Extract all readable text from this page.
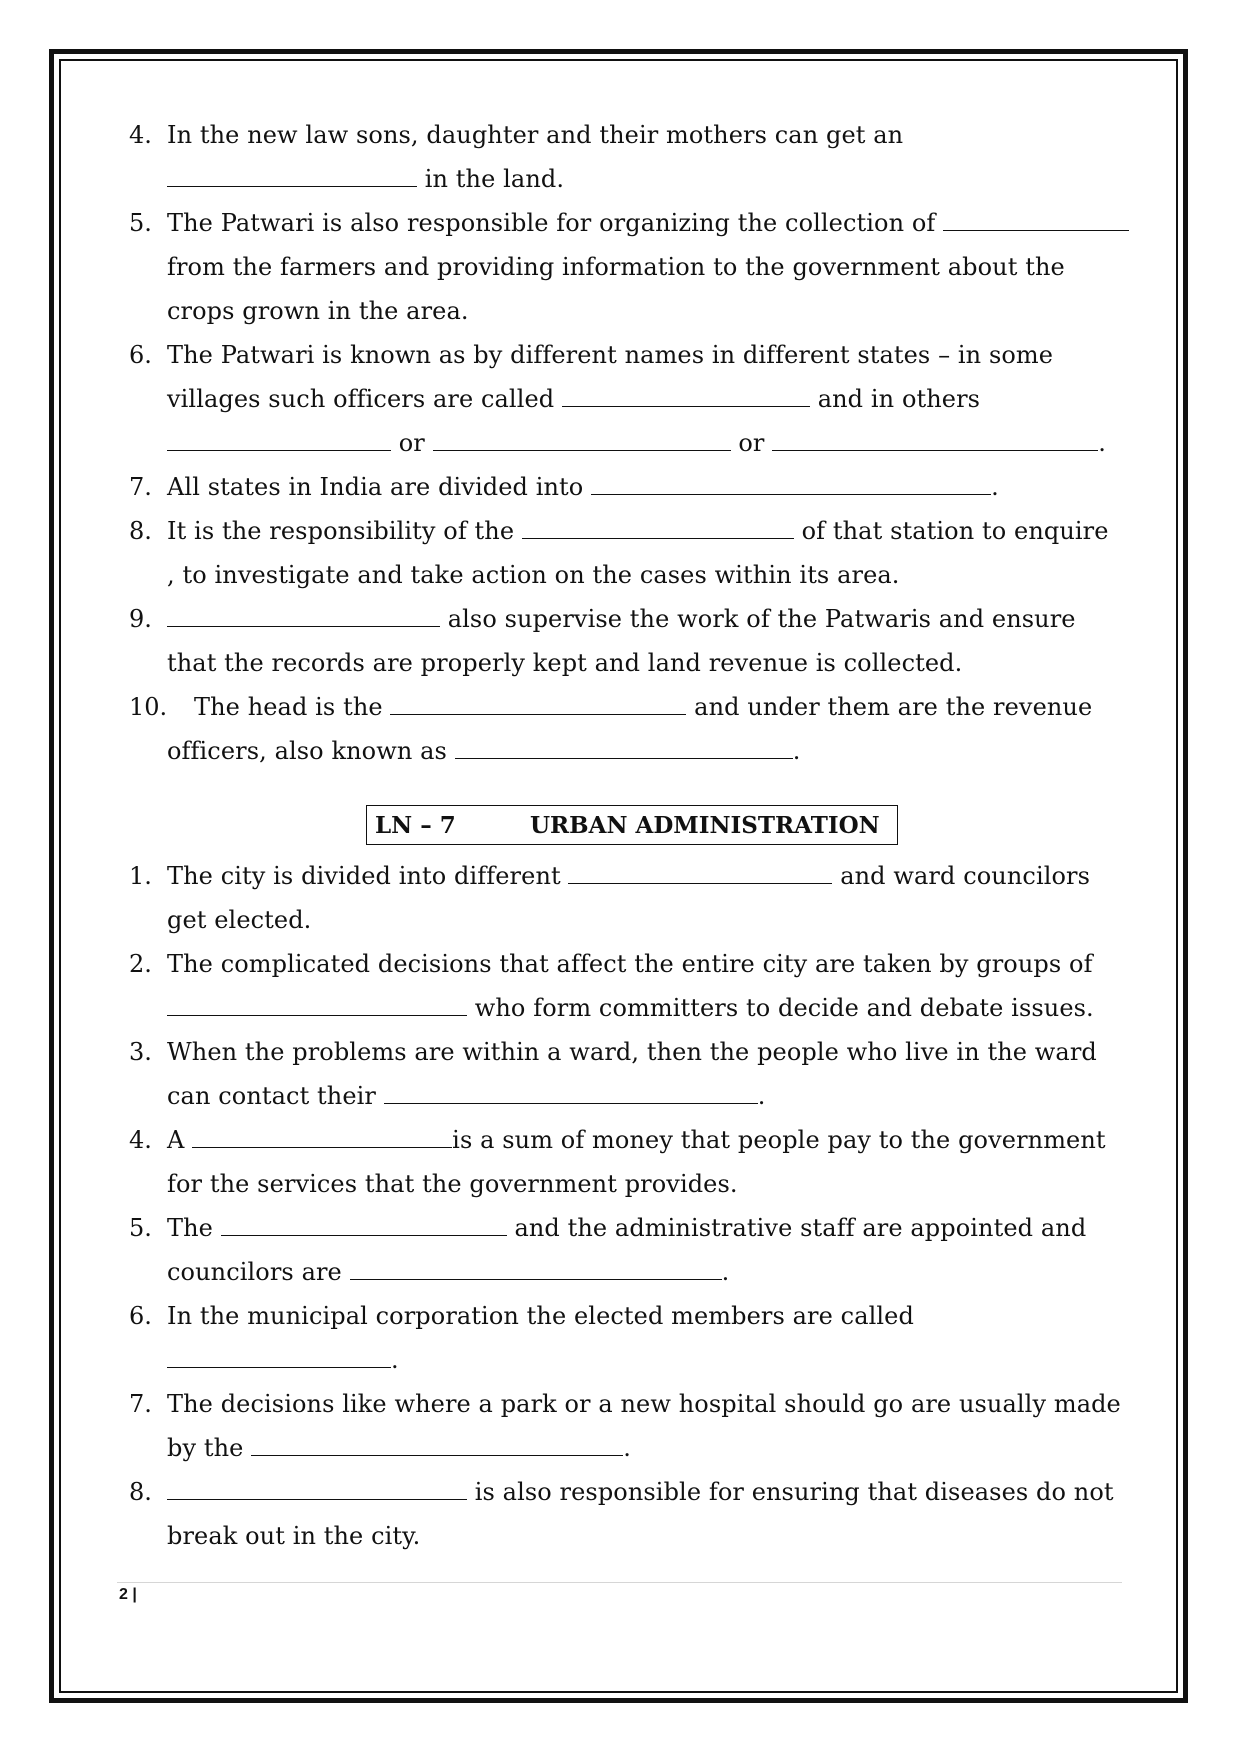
4. In the new law sons, daughter and their mothers can get an
in the land.
5. The Patwari is also responsible for organizing the collection of
from the farmers and providing information to the government about the
crops grown in the area.
6. The Patwari is known as by different names in different states – in some
villages such officers are called	and in others
or	or	.
7. All states in India are divided into	.
8. It is the responsibility of the	of that station to enquire
, to investigate and take action on the cases within its area.
9.	also supervise the work of the Patwaris and ensure
that the records are properly kept and land revenue is collected.
10. The head is the	and under them are the revenue
officers, also known as	.
LN – 7	URBAN ADMINISTRATION
1. The city is divided into different	and ward councilors
get elected.
2. The complicated decisions that affect the entire city are taken by groups of
who form committers to decide and debate issues.
3. When the problems are within a ward, then the people who live in the ward
can contact their	.
4. A	is a sum of money that people pay to the government
for the services that the government provides.
5. The	and the administrative staff are appointed and
councilors are	.
6. In the municipal corporation the elected members are called
.
7. The decisions like where a park or a new hospital should go are usually made
by the	.
8.	is also responsible for ensuring that diseases do not
break out in the city.
2 |
